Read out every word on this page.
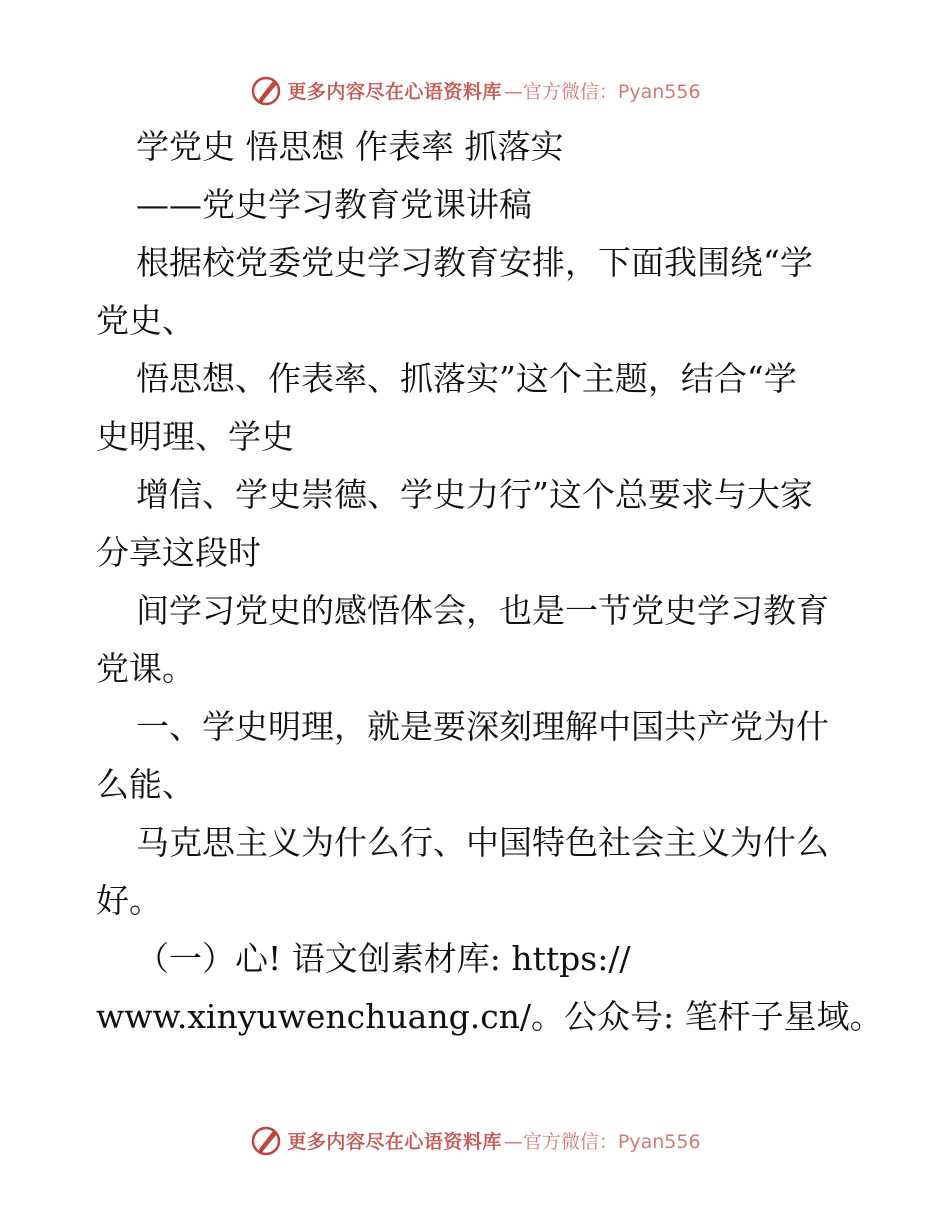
更多内容尽在心语资料库 —官方微信：Pyan556
学党史 悟思想 作表率 抓落实
——党史学习教育党课讲稿
根据校党委党史学习教育安排，下面我围绕“学
党史、
悟思想、作表率、抓落实”这个主题，结合“学
史明理、学史
增信、学史崇德、学史力行”这个总要求与大家
分享这段时
间学习党史的感悟体会，也是一节党史学习教育
党课。
一、学史明理，就是要深刻理解中国共产党为什
么能、
马克思主义为什么行、中国特色社会主义为什么
好。
（一）心! 语文创素材库: https://
www.xinyuwenchuang.cn/。公众号: 笔杆子星域。
更多内容尽在心语资料库 —官方微信：Pyan556
